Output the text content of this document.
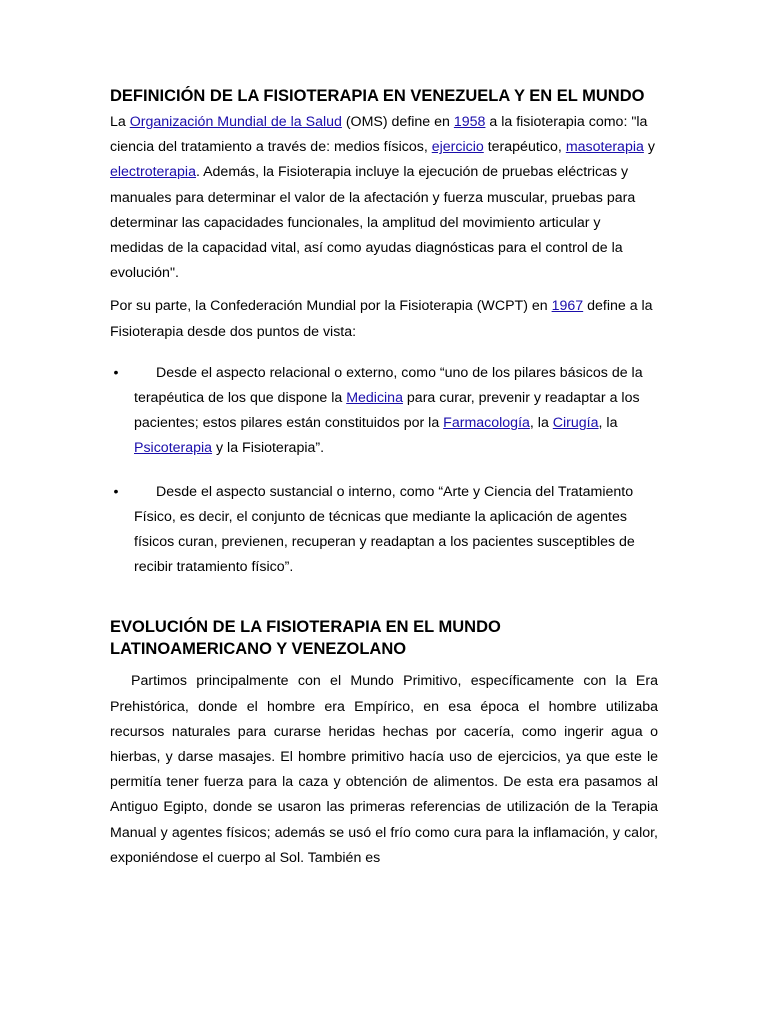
DEFINICIÓN DE LA FISIOTERAPIA EN VENEZUELA Y EN EL MUNDO

La Organización Mundial de la Salud (OMS) define en 1958 a la fisioterapia como: "la ciencia del tratamiento a través de: medios físicos, ejercicio terapéutico, masoterapia y electroterapia. Además, la Fisioterapia incluye la ejecución de pruebas eléctricas y manuales para determinar el valor de la afectación y fuerza muscular, pruebas para determinar las capacidades funcionales, la amplitud del movimiento articular y medidas de la capacidad vital, así como ayudas diagnósticas para el control de la evolución".

Por su parte, la Confederación Mundial por la Fisioterapia (WCPT) en 1967 define a la Fisioterapia desde dos puntos de vista:

•	Desde el aspecto relacional o externo, como “uno de los pilares básicos de la terapéutica de los que dispone la Medicina para curar, prevenir y readaptar a los pacientes; estos pilares están constituidos por la Farmacología, la Cirugía, la Psicoterapia y la Fisioterapia”.
•	Desde el aspecto sustancial o interno, como “Arte y Ciencia del Tratamiento Físico, es decir, el conjunto de técnicas que mediante la aplicación de agentes físicos curan, previenen, recuperan y readaptan a los pacientes susceptibles de recibir tratamiento físico”.
EVOLUCIÓN DE LA FISIOTERAPIA EN EL MUNDO LATINOAMERICANO Y VENEZOLANO

Partimos principalmente con el Mundo Primitivo, específicamente con la Era Prehistórica, donde el hombre era Empírico, en esa época el hombre utilizaba recursos naturales para curarse heridas hechas por cacería, como ingerir agua o hierbas, y darse masajes. El hombre primitivo hacía uso de ejercicios, ya que este le permitía tener fuerza para la caza y obtención de alimentos. De esta era pasamos al Antiguo Egipto, donde se usaron las primeras referencias de utilización de la Terapia Manual y agentes físicos; además se usó el frío como cura para la inflamación, y calor, exponiéndose el cuerpo al Sol. También es
